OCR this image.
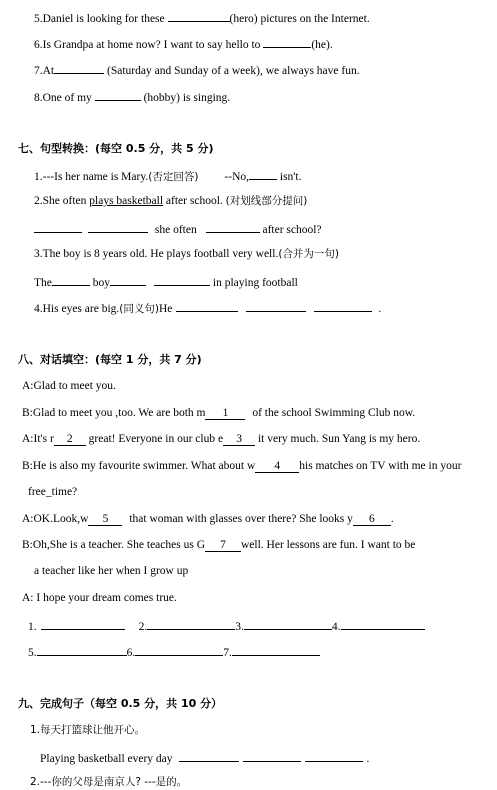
5.Daniel is looking for these	(hero) pictures on the Internet.
6.Is Grandpa at home now? I want to say hello to	(he).
7.At	(Saturday and Sunday of a week), we always have fun.
8.One of my	(hobby) is singing.
七、句型转换：(每空 0.5 分，共 5 分)
1.---Is her name is Mary.(否定回答) --No, isn't.
2.She often plays basketball after school. (对划线部分提问)
she often	after school?
3.The boy is 8 years old. He plays football very well.(合并为一句)
The	boy	in playing football
4.His eyes are big.(同义句)He	.
八、对话填空：(每空 1 分，共 7 分)
A:Glad to meet you.
B:Glad to meet you ,too. We are both m 1 of the school Swimming Club now.
A:It's r 2 great! Everyone in our club e 3 it very much. Sun Yang is my hero.
B:He is also my favourite swimmer. What about w 4 his matches on TV with me in your
free_time?
A:OK.Look,w 5 that woman with glasses over there? She looks y 6 .
B:Oh,She is a teacher. She teaches us G 7 well. Her lessons are fun. I want to be
a teacher like her when I grow up
A: I hope your dream comes true.
1.	2.	3.	4.
5.	6.	7.
九、完成句子（每空 0.5 分，共 10 分）
1.每天打篮球让他开心。
Playing basketball every day	.
2.---你的父母是南京人? ---是的。
